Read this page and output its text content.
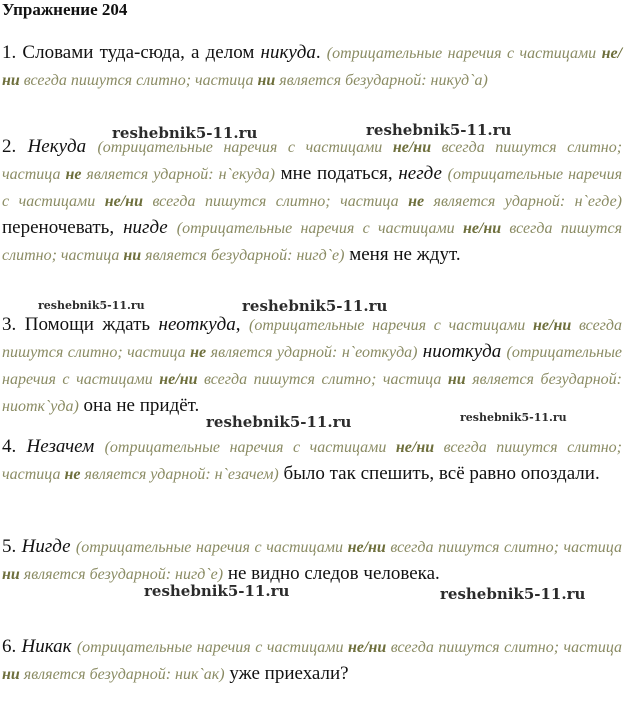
Упражнение 204

1. Словами туда-сюда, а делом никуда. (отрицательные наречия с частицами не/ни всегда пишутся слитно; частица ни является безударной: никуд`а)

2. Некуда (отрицательные наречия с частицами не/ни всегда пишутся слитно; частица не является ударной: н`екуда) мне податься, негде (отрицательные наречия с частицами не/ни всегда пишутся слитно; частица не является ударной: н`егде) переночевать, нигде (отрицательные наречия с частицами не/ни всегда пишутся слитно; частица ни является безударной: нигд`е) меня не ждут.

3. Помощи ждать неоткуда, (отрицательные наречия с частицами не/ни всегда пишутся слитно; частица не является ударной: н`еоткуда) ниоткуда (отрицательные наречия с частицами не/ни всегда пишутся слитно; частица ни является безударной: ниотк`уда) она не придёт.

4. Незачем (отрицательные наречия с частицами не/ни всегда пишутся слитно; частица не является ударной: н`езачем) было так спешить, всё равно опоздали.

5. Нигде (отрицательные наречия с частицами не/ни всегда пишутся слитно; частица ни является безударной: нигд`е) не видно следов человека.

6. Никак (отрицательные наречия с частицами не/ни всегда пишутся слитно; частица ни является безударной: ник`ак) уже приехали?

reshebnik5-11.ru	reshebnik5-11.ru
reshebnik5-11.ru	reshebnik5-11.ru
reshebnik5-11.ru	reshebnik5-11.ru
reshebnik5-11.ru	reshebnik5-11.ru
